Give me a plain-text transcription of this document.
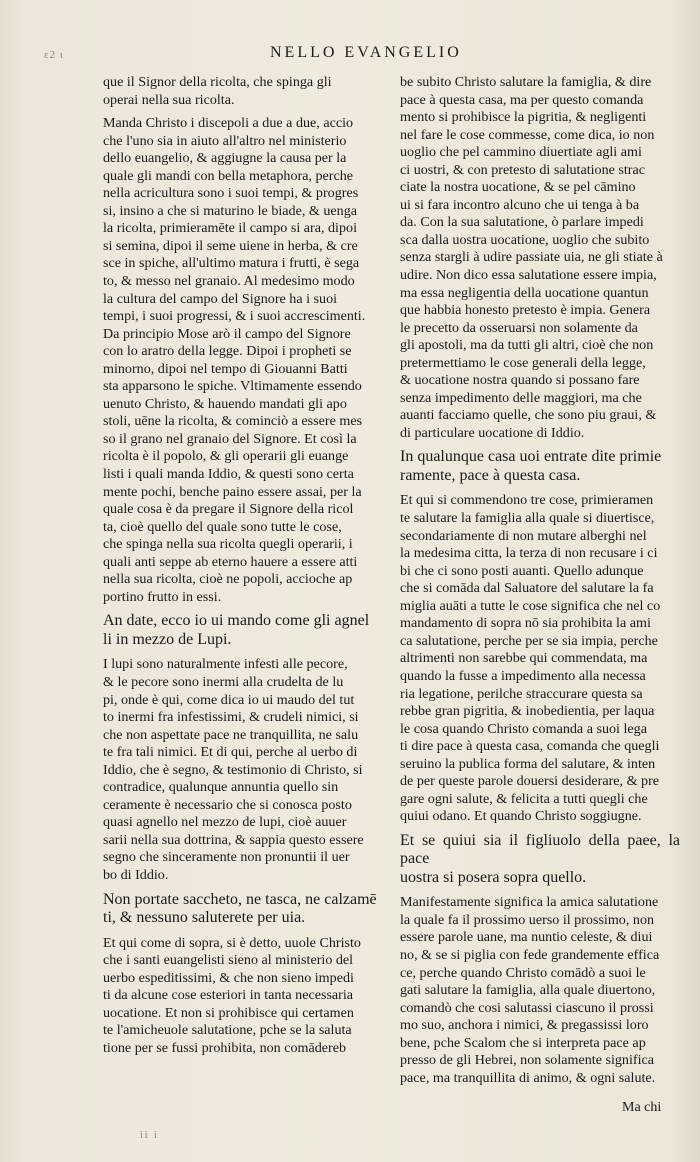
ε2 ι	NELLO EVANGELIO

que il Signor della ricolta, che spinga gli
operai nella sua ricolta.

Manda Christo i discepoli a due a due, accio
che l'uno sia in aiuto all'altro nel ministerio
dello euangelio, & aggiugne la causa per la
quale gli mandi con bella metaphora, perche
nella acricultura sono i suoi tempi, & progres
si, insino a che si maturino le biade, & uenga
la ricolta, primieramēte il campo si ara, dipoi
si semina, dipoi il seme uiene in herba, & cre
sce in spiche, all'ultimo matura i frutti, è sega
to, & messo nel granaio. Al medesimo modo
la cultura del campo del Signore ha i suoi
tempi, i suoi progressi, & i suoi accrescimenti.
Da principio Mose arò il campo del Signore
con lo aratro della legge. Dipoi i propheti se
minorno, dipoi nel tempo di Giouanni Batti
sta apparsono le spiche. Vltimamente essendo
uenuto Christo, & hauendo mandati gli apo
stoli, uēne la ricolta, & cominciò a essere mes
so il grano nel granaio del Signore. Et così la
ricolta è il popolo, & gli operarii gli euange
listi i quali manda Iddio, & questi sono certa
mente pochi, benche paino essere assai, per la
quale cosa è da pregare il Signore della ricol
ta, cioè quello del quale sono tutte le cose,
che spinga nella sua ricolta quegli operarii, i
quali anti seppe ab eterno hauere a essere atti
nella sua ricolta, cioè ne popoli, accioche ap
portino frutto in essi.

An date, ecco io ui mando come gli agnel
li in mezzo de Lupi.

I lupi sono naturalmente infesti alle pecore,
& le pecore sono inermi alla crudelta de lu
pi, onde è qui, come dica io ui maudo del tut
to inermi fra infestissimi, & crudeli nimici, si
che non aspettate pace ne tranquillita, ne salu
te fra tali nimici. Et di qui, perche al uerbo di
Iddio, che è segno, & testimonio di Christo, si
contradice, qualunque annuntia quello sin
ceramente è necessario che si conosca posto
quasi agnello nel mezzo de lupi, cioè auuer
sarii nella sua dottrina, & sappia questo essere
segno che sinceramente non pronuntii il uer
bo di Iddio.

Non portate saccheto, ne tasca, ne calzamē
ti, & nessuno saluterete per uia.

Et qui come di sopra, si è detto, uuole Christo
che i santi euangelisti sieno al ministerio del
uerbo espeditissimi, & che non sieno impedi
ti da alcune cose esteriori in tanta necessaria
uocatione. Et non si prohibisce qui certamen
te l'amicheuole salutatione, pche se la saluta
tione per se fussi prohibita, non comādereb

be subito Christo salutare la famiglia, & dire
pace à questa casa, ma per questo comanda
mento si prohibisce la pigritia, & negligenti
nel fare le cose commesse, come dica, io non
uoglio che pel cammino diuertiate agli ami
ci uostri, & con pretesto di salutatione strac
ciate la nostra uocatione, & se pel cāmino
ui si fara incontro alcuno che ui tenga à ba
da. Con la sua salutatione, ò parlare impedi
sca dalla uostra uocatione, uoglio che subito
senza stargli à udire passiate uia, ne gli stiate à
udire. Non dico essa salutatione essere impia,
ma essa negligentia della uocatione quantun
que habbia honesto pretesto è impia. Genera
le precetto da osseruarsi non solamente da
gli apostoli, ma da tutti gli altri, cioè che non
pretermettiamo le cose generali della legge,
& uocatione nostra quando si possano fare
senza impedimento delle maggiori, ma che
auanti facciamo quelle, che sono piu graui, &
di particulare uocatione di Iddio.

In qualunque casa uoi entrate dite primie
ramente, pace à questa casa.

Et qui si commendono tre cose, primieramen
te salutare la famiglia alla quale si diuertisce,
secondariamente di non mutare alberghi nel
la medesima citta, la terza di non recusare i ci
bi che ci sono posti auanti. Quello adunque
che si comāda dal Saluatore del salutare la fa
miglia auāti a tutte le cose significa che nel co
mandamento di sopra nō sia prohibita la ami
ca salutatione, perche per se sia impia, perche
altrimenti non sarebbe qui commendata, ma
quando la fusse a impedimento alla necessa
ria legatione, perilche straccurare questa sa
rebbe gran pigritia, & inobedientia, per laqua
le cosa quando Christo comanda a suoi lega
ti dire pace à questa casa, comanda che quegli
seruino la publica forma del salutare, & inten
de per queste parole douersi desiderare, & pre
gare ogni salute, & felicita a tutti quegli che
quiui odano. Et quando Christo soggiugne.

Et se quiui sia il figliuolo della paee, la pace
uostra si posera sopra quello.

Manifestamente significa la amica salutatione
la quale fa il prossimo uerso il prossimo, non
essere parole uane, ma nuntio celeste, & diui
no, & se si piglia con fede grandemente effica
ce, perche quando Christo comādò a suoi le
gati salutare la famiglia, alla quale diuertono,
comandò che cosi salutassi ciascuno il prossi
mo suo, anchora i nimici, & pregassissi loro
bene, pche Scalom che si interpreta pace ap
presso de gli Hebrei, non solamente significa
pace, ma tranquillita di animo, & ogni salute.

Ma chi
ii i
